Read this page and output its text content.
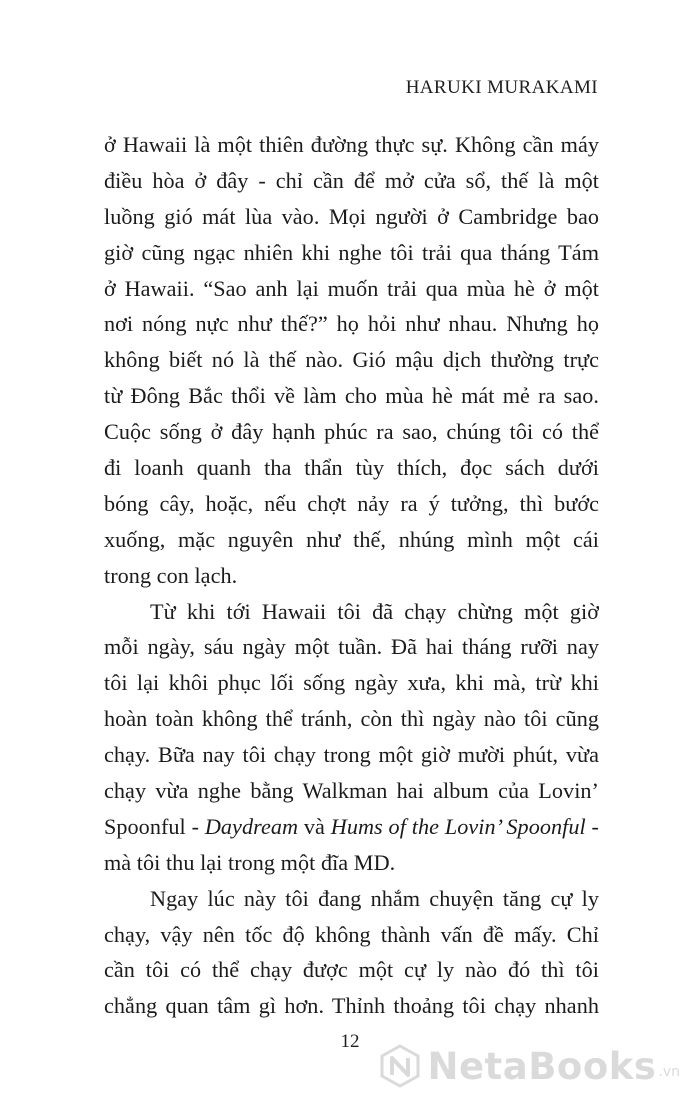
HARUKI MURAKAMI
ở Hawaii là một thiên đường thực sự. Không cần máy
điều hòa ở đây - chỉ cần để mở cửa sổ, thế là một
luồng gió mát lùa vào. Mọi người ở Cambridge bao
giờ cũng ngạc nhiên khi nghe tôi trải qua tháng Tám
ở Hawaii. “Sao anh lại muốn trải qua mùa hè ở một
nơi nóng nực như thế?” họ hỏi như nhau. Nhưng họ
không biết nó là thế nào. Gió mậu dịch thường trực
từ Đông Bắc thổi về làm cho mùa hè mát mẻ ra sao.
Cuộc sống ở đây hạnh phúc ra sao, chúng tôi có thể
đi loanh quanh tha thẩn tùy thích, đọc sách dưới
bóng cây, hoặc, nếu chợt nảy ra ý tưởng, thì bước
xuống, mặc nguyên như thế, nhúng mình một cái
trong con lạch.
Từ khi tới Hawaii tôi đã chạy chừng một giờ
mỗi ngày, sáu ngày một tuần. Đã hai tháng rưỡi nay
tôi lại khôi phục lối sống ngày xưa, khi mà, trừ khi
hoàn toàn không thể tránh, còn thì ngày nào tôi cũng
chạy. Bữa nay tôi chạy trong một giờ mười phút, vừa
chạy vừa nghe bằng Walkman hai album của Lovin’
Spoonful - Daydream và Hums of the Lovin’ Spoonful -
mà tôi thu lại trong một đĩa MD.
Ngay lúc này tôi đang nhắm chuyện tăng cự ly
chạy, vậy nên tốc độ không thành vấn đề mấy. Chỉ
cần tôi có thể chạy được một cự ly nào đó thì tôi
chẳng quan tâm gì hơn. Thỉnh thoảng tôi chạy nhanh
12
NetaBooks .vn
